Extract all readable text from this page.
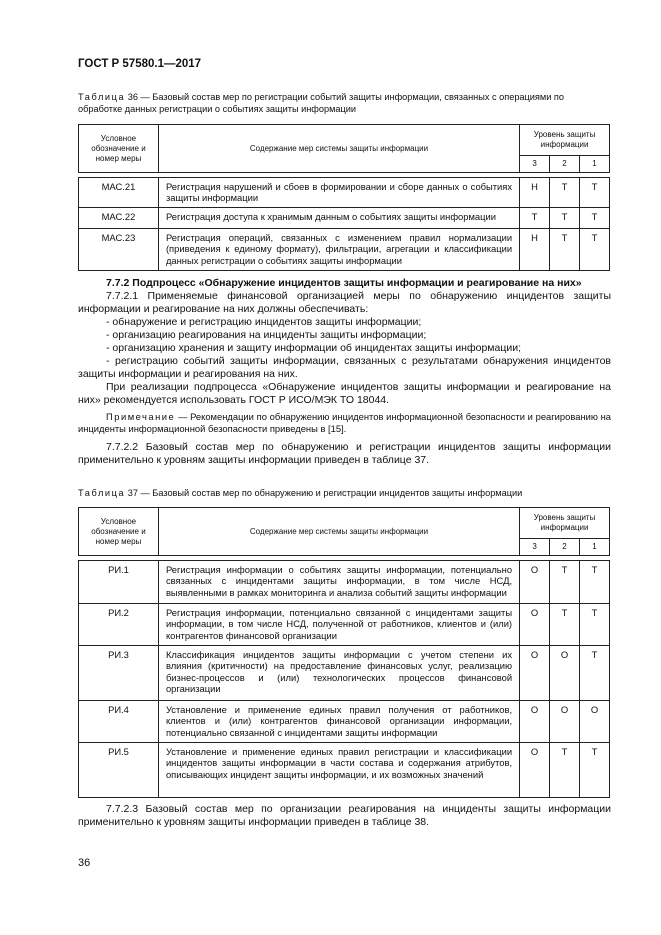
ГОСТ Р 57580.1—2017
Таблица 36 — Базовый состав мер по регистрации событий защиты информации, связанных с операциями по обработке данных регистрации о событиях защиты информации
Условное обозначение и номер меры	Содержание мер системы защиты информации	Уровень защиты информации		
		3	2	1

МАС.21	Регистрация нарушений и сбоев в формировании и сборе данных о событиях защиты информации	Н	Т	Т
МАС.22	Регистрация доступа к хранимым данным о событиях защиты информации	Т	Т	Т
МАС.23	Регистрация операций, связанных с изменением правил нормализации (приведения к единому формату), фильтрации, агрегации и классификации данных регистрации о событиях защиты информации	Н	Т	Т

7.7.2 Подпроцесс «Обнаружение инцидентов защиты информации и реагирование на них»

7.7.2.1 Применяемые финансовой организацией меры по обнаружению инцидентов защиты информации и реагирование на них должны обеспечивать:

- обнаружение и регистрацию инцидентов защиты информации;

- организацию реагирования на инциденты защиты информации;

- организацию хранения и защиту информации об инцидентах защиты информации;

- регистрацию событий защиты информации, связанных с результатами обнаружения инцидентов защиты информации и реагирования на них.

При реализации подпроцесса «Обнаружение инцидентов защиты информации и реагирование на них» рекомендуется использовать ГОСТ Р ИСО/МЭК ТО 18044.

Примечание — Рекомендации по обнаружению инцидентов информационной безопасности и реагированию на инциденты информационной безопасности приведены в [15].

7.7.2.2 Базовый состав мер по обнаружению и регистрации инцидентов защиты информации применительно к уровням защиты информации приведен в таблице 37.

Таблица 37 — Базовый состав мер по обнаружению и регистрации инцидентов защиты информации
Условное обозначение и номер меры	Содержание мер системы защиты информации	Уровень защиты информации		
		3	2	1

РИ.1	Регистрация информации о событиях защиты информации, потенциально связанных с инцидентами защиты информации, в том числе НСД, выявленными в рамках мониторинга и анализа событий защиты информации	О	Т	Т
РИ.2	Регистрация информации, потенциально связанной с инцидентами защиты информации, в том числе НСД, полученной от работников, клиентов и (или) контрагентов финансовой организации	О	Т	Т
РИ.3	Классификация инцидентов защиты информации с учетом степени их влияния (критичности) на предоставление финансовых услуг, реализацию бизнес-процессов и (или) технологических процессов финансовой организации	О	О	Т
РИ.4	Установление и применение единых правил получения от работников, клиентов и (или) контрагентов финансовой организации информации, потенциально связанной с инцидентами защиты информации	О	О	О
РИ.5	Установление и применение единых правил регистрации и классификации инцидентов защиты информации в части состава и содержания атрибутов, описывающих инцидент защиты информации, и их возможных значений	О	Т	Т

7.7.2.3 Базовый состав мер по организации реагирования на инциденты защиты информации применительно к уровням защиты информации приведен в таблице 38.

36
